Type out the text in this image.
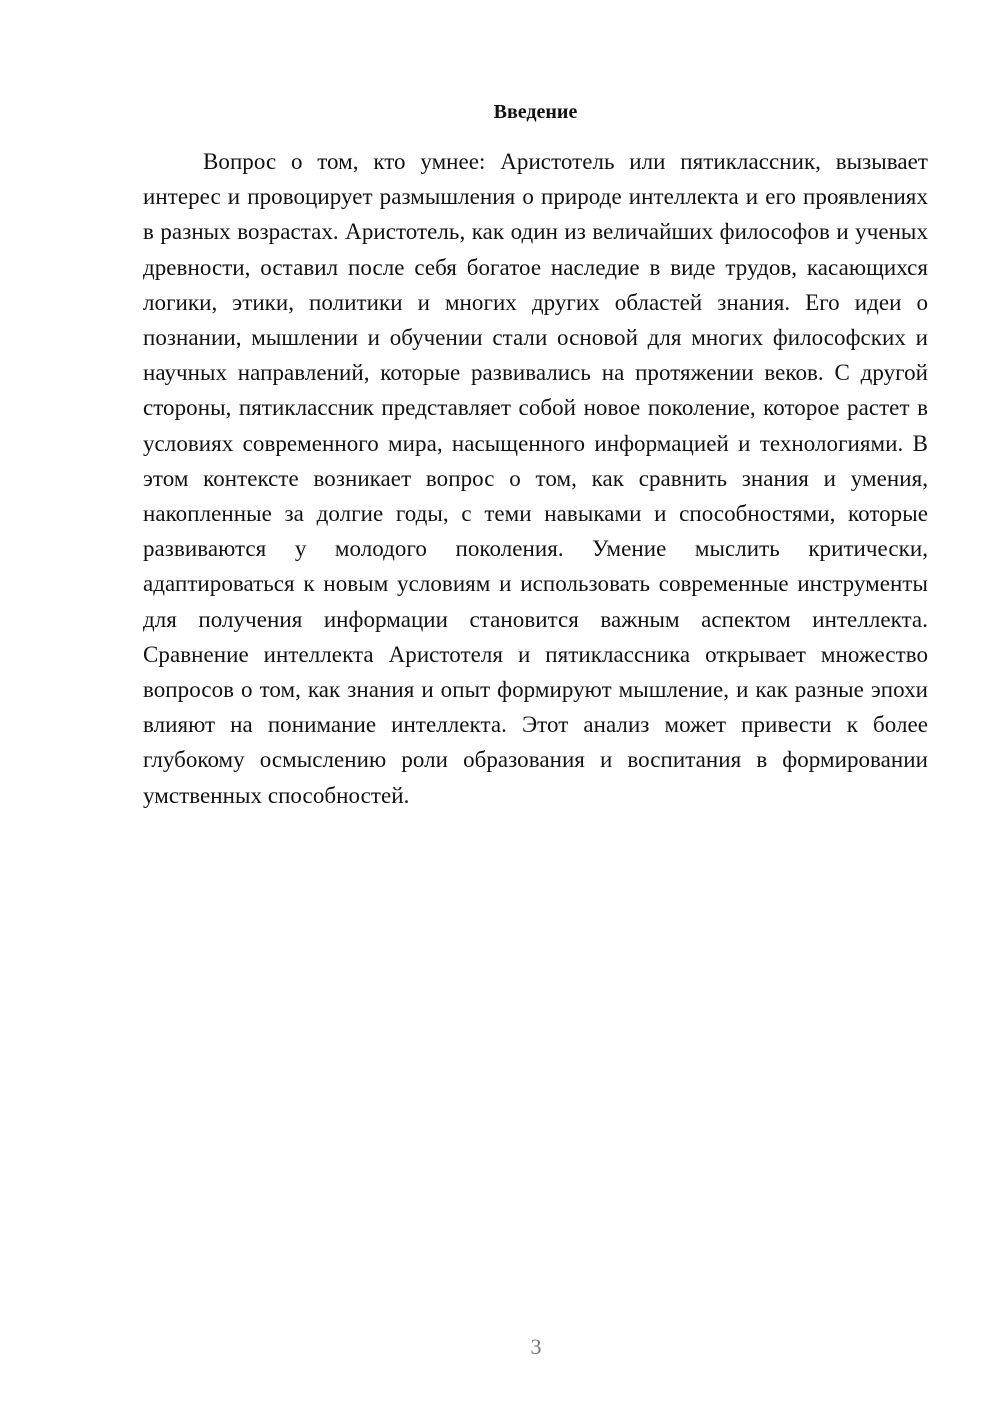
Введение

Вопрос о том, кто умнее: Аристотель или пятиклассник, вызывает интерес и провоцирует размышления о природе интеллекта и его проявлениях в разных возрастах. Аристотель, как один из величайших философов и ученых древности, оставил после себя богатое наследие в виде трудов, касающихся логики, этики, политики и многих других областей знания. Его идеи о познании, мышлении и обучении стали основой для многих философских и научных направлений, которые развивались на протяжении веков. С другой стороны, пятиклассник представляет собой новое поколение, которое растет в условиях современного мира, насыщенного информацией и технологиями. В этом контексте возникает вопрос о том, как сравнить знания и умения, накопленные за долгие годы, с теми навыками и способностями, которые развиваются у молодого поколения. Умение мыслить критически, адаптироваться к новым условиям и использовать современные инструменты для получения информации становится важным аспектом интеллекта. Сравнение интеллекта Аристотеля и пятиклассника открывает множество вопросов о том, как знания и опыт формируют мышление, и как разные эпохи влияют на понимание интеллекта. Этот анализ может привести к более глубокому осмыслению роли образования и воспитания в формировании умственных способностей.

3
